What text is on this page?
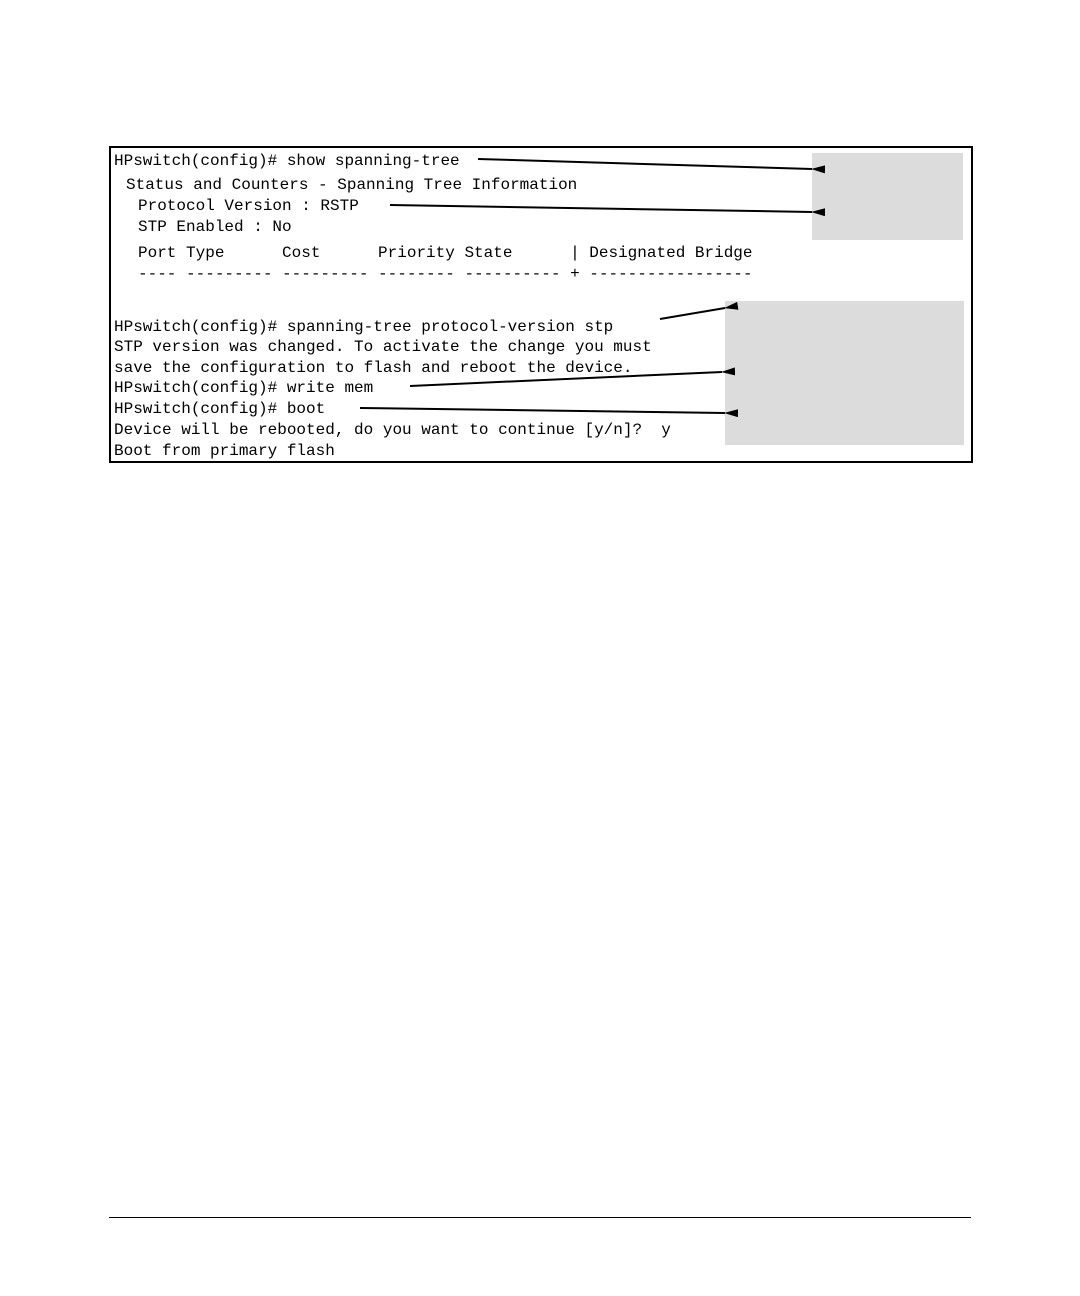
HPswitch(config)# show spanning-tree
Status and Counters - Spanning Tree Information
Protocol Version : RSTP
STP Enabled : No
Port Type      Cost      Priority State      | Designated Bridge
---- --------- --------- -------- ---------- + -----------------
HPswitch(config)# spanning-tree protocol-version stp
STP version was changed. To activate the change you must
save the configuration to flash and reboot the device.
HPswitch(config)# write mem
HPswitch(config)# boot
Device will be rebooted, do you want to continue [y/n]?  y
Boot from primary flash
